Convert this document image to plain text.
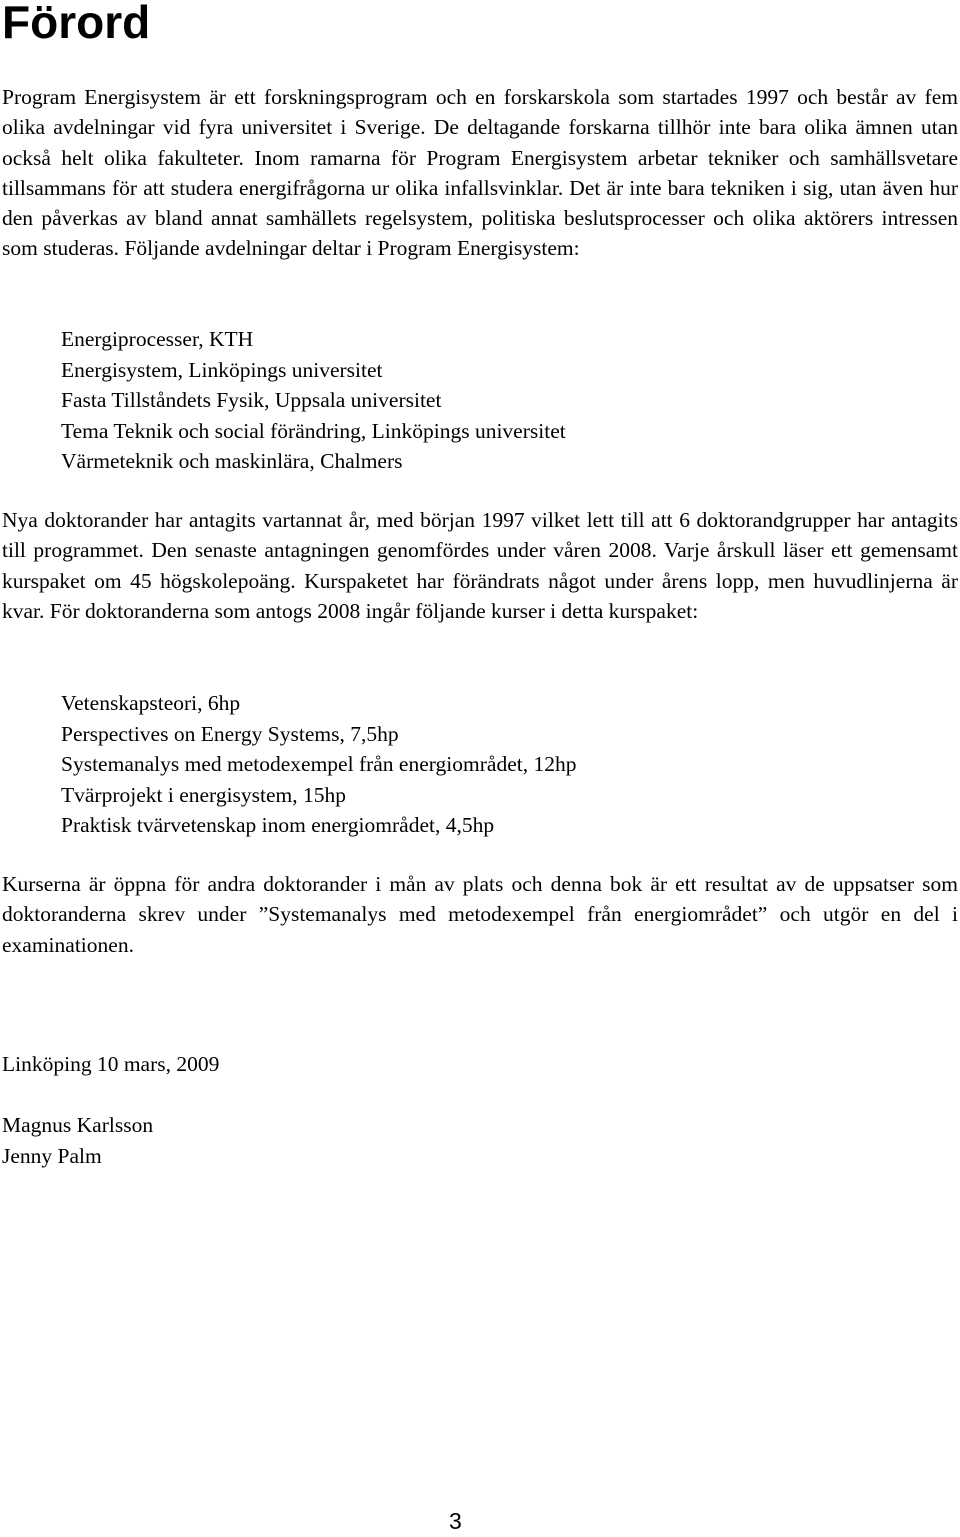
Förord

Program Energisystem är ett forskningsprogram och en forskarskola som startades 1997 och består av fem olika avdelningar vid fyra universitet i Sverige. De deltagande forskarna tillhör inte bara olika ämnen utan också helt olika fakulteter. Inom ramarna för Program Energisystem arbetar tekniker och samhällsvetare tillsammans för att studera energifrågorna ur olika infallsvinklar. Det är inte bara tekniken i sig, utan även hur den påverkas av bland annat samhällets regelsystem, politiska beslutsprocesser och olika aktörers intressen som studeras. Följande avdelningar deltar i Program Energisystem:

Energiprocesser, KTH
Energisystem, Linköpings universitet
Fasta Tillståndets Fysik, Uppsala universitet
Tema Teknik och social förändring, Linköpings universitet
Värmeteknik och maskinlära, Chalmers

Nya doktorander har antagits vartannat år, med början 1997 vilket lett till att 6 doktorandgrupper har antagits till programmet. Den senaste antagningen genomfördes under våren 2008. Varje årskull läser ett gemensamt kurspaket om 45 högskolepoäng. Kurspaketet har förändrats något under årens lopp, men huvudlinjerna är kvar. För doktoranderna som antogs 2008 ingår följande kurser i detta kurspaket:

Vetenskapsteori, 6hp
Perspectives on Energy Systems, 7,5hp
Systemanalys med metodexempel från energiområdet, 12hp
Tvärprojekt i energisystem, 15hp
Praktisk tvärvetenskap inom energiområdet, 4,5hp

Kurserna är öppna för andra doktorander i mån av plats och denna bok är ett resultat av de uppsatser som doktoranderna skrev under ”Systemanalys med metodexempel från energiområdet” och utgör en del i examinationen.

Linköping 10 mars, 2009

Magnus Karlsson

Jenny Palm

3
